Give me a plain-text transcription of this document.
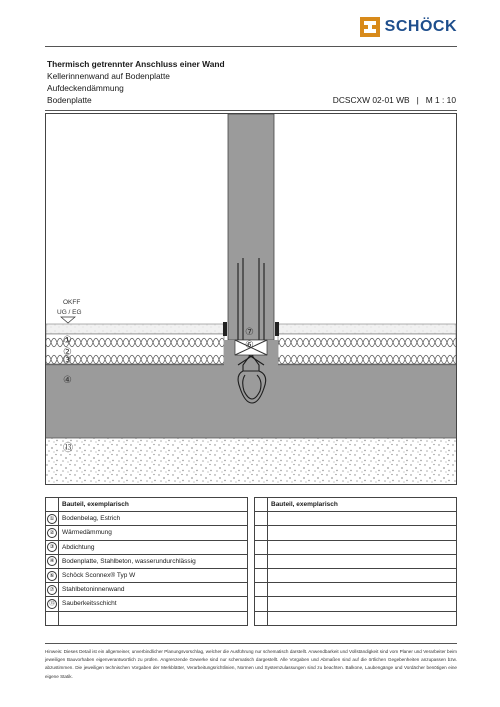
SCHÖCK
Thermisch getrennter Anschluss einer Wand
Kellerinnenwand auf Bodenplatte
Aufdeckendämmung
Bodenplatte	DCSCXW 02-01 WB   |   M 1 : 10
OKFF
UG / EG
①
②
③
④
⑥
⑦
⑬
	Bauteil, exemplarisch
①	Bodenbelag, Estrich
②	Wärmedämmung
③	Abdichtung
④	Bodenplatte, Stahlbeton, wasserundurchlässig
⑥	Schöck Sconnex® Typ W
⑦	Stahlbetoninnenwand
⑬	Sauberkeitsschicht

	Bauteil, exemplarisch

Hinweis: Dieses Detail ist ein allgemeiner, unverbindlicher Planungsvorschlag, welcher die Ausführung nur schematisch darstellt. Anwendbarkeit und Vollständigkeit sind vom Planer und Verarbeiter beim jeweiligen Bauvorhaben eigenverantwortlich zu prüfen. Angrenzende Gewerke sind nur schematisch dargestellt. Alle Vorgaben und Abmaßen sind auf die örtlichen Gegebenheiten anzupassen bzw. abzustimmen. Die jeweiligen technischen Vorgaben der Merkblätter, Verarbeitungsrichtlinien, Normen und Systemzulassungen sind zu beachten. Balkone, Laubengänge und Vordächer benötigen eine eigene Statik.
